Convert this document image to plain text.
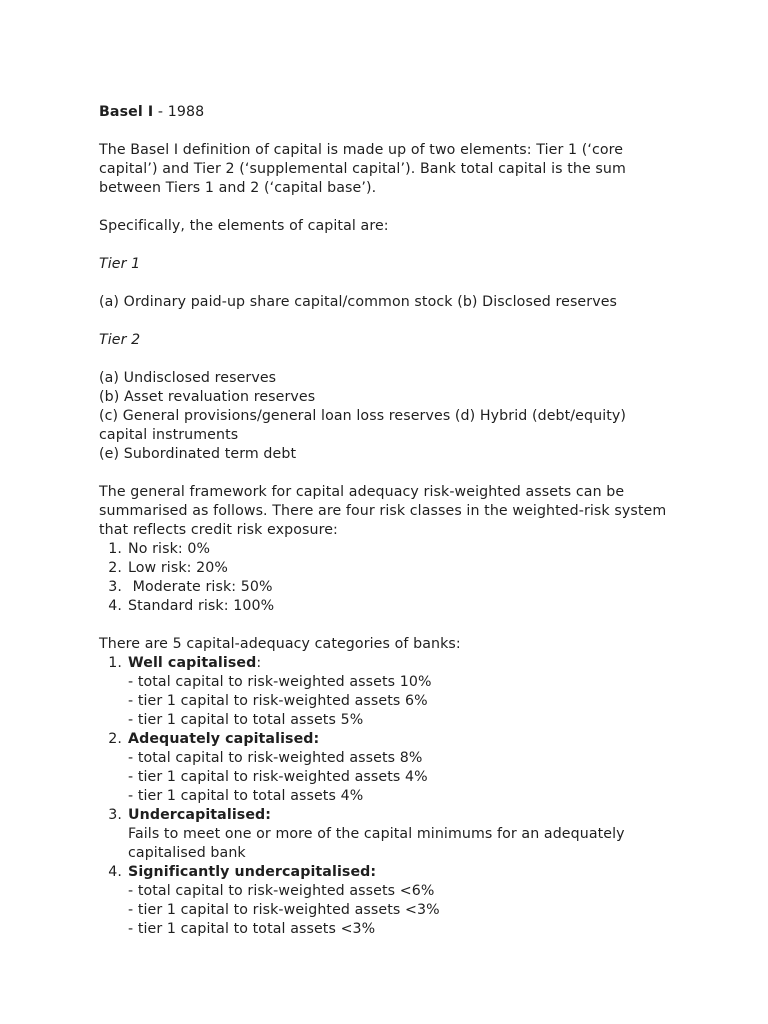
Basel I - 1988

The Basel I definition of capital is made up of two elements: Tier 1 (‘core
capital’) and Tier 2 (‘supplemental capital’). Bank total capital is the sum
between Tiers 1 and 2 (‘capital base’).

Specifically, the elements of capital are:

Tier 1

(a) Ordinary paid-up share capital/common stock (b) Disclosed reserves

Tier 2

(a) Undisclosed reserves
(b) Asset revaluation reserves
(c) General provisions/general loan loss reserves (d) Hybrid (debt/equity)
capital instruments
(e) Subordinated term debt

The general framework for capital adequacy risk-weighted assets can be
summarised as follows. There are four risk classes in the weighted-risk system
that reflects credit risk exposure:

1. No risk: 0%
2. Low risk: 20%
3. Moderate risk: 50%
4. Standard risk: 100%

There are 5 capital-adequacy categories of banks:

1. Well capitalised:
- total capital to risk-weighted assets 10%
- tier 1 capital to risk-weighted assets 6%
- tier 1 capital to total assets 5%
2. Adequately capitalised:
- total capital to risk-weighted assets 8%
- tier 1 capital to risk-weighted assets 4%
- tier 1 capital to total assets 4%
3. Undercapitalised:
Fails to meet one or more of the capital minimums for an adequately
capitalised bank
4. Significantly undercapitalised:
- total capital to risk-weighted assets <6%
- tier 1 capital to risk-weighted assets <3%
- tier 1 capital to total assets <3%
